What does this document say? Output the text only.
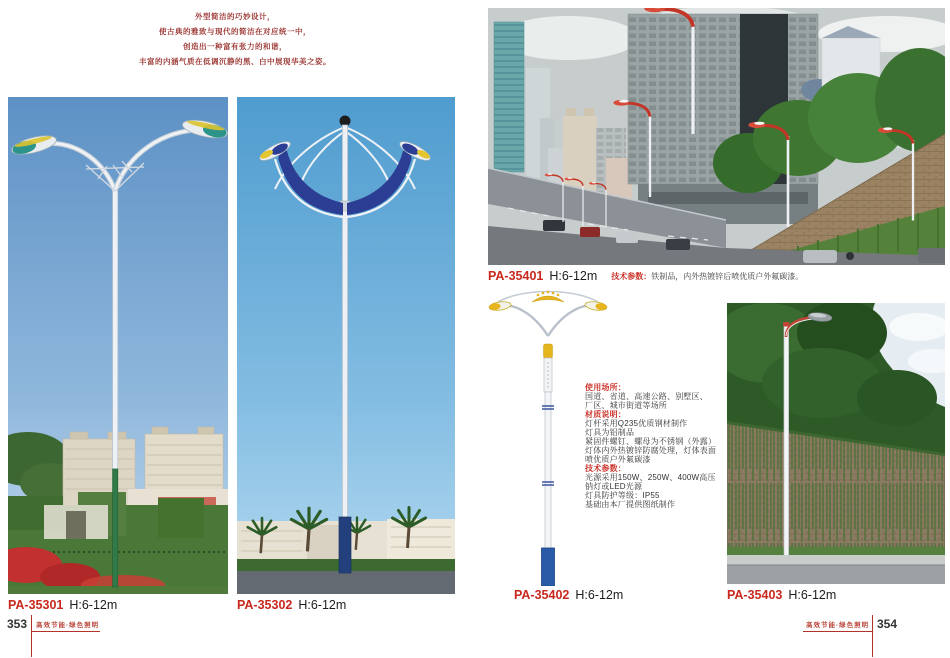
外型简洁的巧妙设计，
使古典的雅致与现代的简洁在对应统一中，
创造出一种富有张力的和谐，
丰富的内涵气质在低调沉静的黑、白中展现华美之姿。
PA-35301 H:6-12m	PA-35302 H:6-12m
PA-35401 H:6-12m 技术参数：铁制品，内外热镀锌后喷优质户外氟碳漆。
PA-35402 H:6-12m	PA-35403 H:6-12m
使用场所：
国道、省道、高速公路、别墅区、
厂区、城市街道等场所
材质说明：
灯杆采用Q235优质钢材制作
灯具为铝制品
紧固件螺钉、螺母为不锈钢（外露）
灯体内外热镀锌防腐处理，灯体表面
喷优质户外氟碳漆
技术参数：
光源采用150W、250W、400W高压
钠灯或LED光源
灯具防护等级：IP55
基础由本厂提供图纸制作
353 高效节能·绿色照明	354
高效节能·绿色照明
